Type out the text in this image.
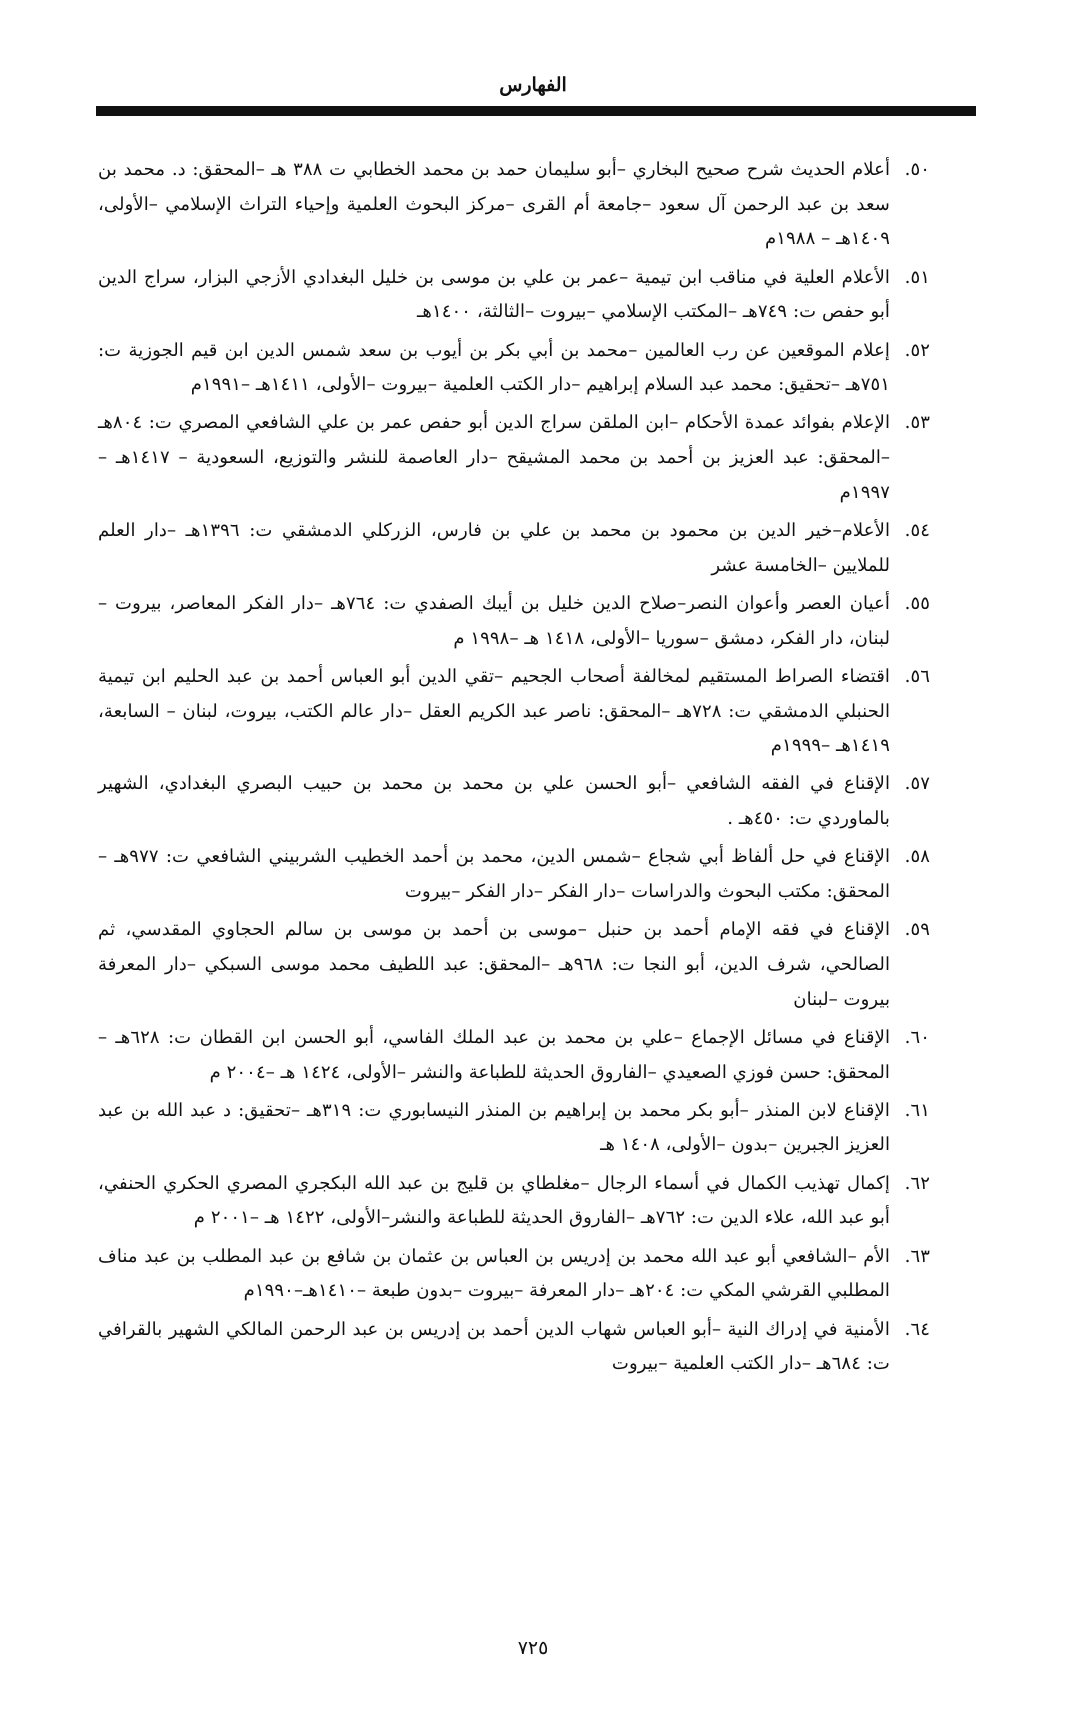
الفهارس
٥٠.
أعلام الحديث شرح صحيح البخاري –أبو سليمان حمد بن محمد الخطابي ت ٣٨٨ هـ –المحقق: د. محمد بن سعد بن عبد الرحمن آل سعود –جامعة أم القرى –مركز البحوث العلمية وإحياء التراث الإسلامي –الأولى، ١٤٠٩هـ – ١٩٨٨م
٥١.
الأعلام العلية في مناقب ابن تيمية –عمر بن علي بن موسى بن خليل البغدادي الأزجي البزار، سراج الدين أبو حفص ت: ٧٤٩هـ –المكتب الإسلامي –بيروت –الثالثة، ١٤٠٠هـ
٥٢.
إعلام الموقعين عن رب العالمين –محمد بن أبي بكر بن أيوب بن سعد شمس الدين ابن قيم الجوزية ت: ٧٥١هـ –تحقيق: محمد عبد السلام إبراهيم –دار الكتب العلمية –بيروت –الأولى، ١٤١١هـ –١٩٩١م
٥٣.
الإعلام بفوائد عمدة الأحكام –ابن الملقن سراج الدين أبو حفص عمر بن علي الشافعي المصري ت: ٨٠٤هـ –المحقق: عبد العزيز بن أحمد بن محمد المشيقح –دار العاصمة للنشر والتوزيع، السعودية – ١٤١٧هـ –١٩٩٧م
٥٤.
الأعلام–خير الدين بن محمود بن محمد بن علي بن فارس، الزركلي الدمشقي ت: ١٣٩٦هـ –دار العلم للملايين –الخامسة عشر
٥٥.
أعيان العصر وأعوان النصر–صلاح الدين خليل بن أيبك الصفدي ت: ٧٦٤هـ –دار الفكر المعاصر، بيروت –لبنان، دار الفكر، دمشق –سوريا –الأولى، ١٤١٨ هـ –١٩٩٨ م
٥٦.
اقتضاء الصراط المستقيم لمخالفة أصحاب الجحيم –تقي الدين أبو العباس أحمد بن عبد الحليم ابن تيمية الحنبلي الدمشقي ت: ٧٢٨هـ –المحقق: ناصر عبد الكريم العقل –دار عالم الكتب، بيروت، لبنان – السابعة، ١٤١٩هـ –١٩٩٩م
٥٧.
الإقناع في الفقه الشافعي –أبو الحسن علي بن محمد بن محمد بن حبيب البصري البغدادي، الشهير بالماوردي ت: ٤٥٠هـ .
٥٨.
الإقناع في حل ألفاظ أبي شجاع –شمس الدين، محمد بن أحمد الخطيب الشربيني الشافعي ت: ٩٧٧هـ – المحقق: مكتب البحوث والدراسات –دار الفكر –دار الفكر –بيروت
٥٩.
الإقناع في فقه الإمام أحمد بن حنبل –موسى بن أحمد بن موسى بن سالم الحجاوي المقدسي، ثم الصالحي، شرف الدين، أبو النجا ت: ٩٦٨هـ –المحقق: عبد اللطيف محمد موسى السبكي –دار المعرفة بيروت –لبنان
٦٠.
الإقناع في مسائل الإجماع –علي بن محمد بن عبد الملك الفاسي، أبو الحسن ابن القطان ت: ٦٢٨هـ – المحقق: حسن فوزي الصعيدي –الفاروق الحديثة للطباعة والنشر –الأولى، ١٤٢٤ هـ –٢٠٠٤ م
٦١.
الإقناع لابن المنذر –أبو بكر محمد بن إبراهيم بن المنذر النيسابوري ت: ٣١٩هـ –تحقيق: د عبد الله بن عبد العزيز الجبرين –بدون –الأولى، ١٤٠٨ هـ
٦٢.
إكمال تهذيب الكمال في أسماء الرجال –مغلطاي بن قليج بن عبد الله البكجري المصري الحكري الحنفي، أبو عبد الله، علاء الدين ت: ٧٦٢هـ –الفاروق الحديثة للطباعة والنشر–الأولى، ١٤٢٢ هـ –٢٠٠١ م
٦٣.
الأم –الشافعي أبو عبد الله محمد بن إدريس بن العباس بن عثمان بن شافع بن عبد المطلب بن عبد مناف المطلبي القرشي المكي ت: ٢٠٤هـ –دار المعرفة –بيروت –بدون طبعة –١٤١٠هـ–١٩٩٠م
٦٤.
الأمنية في إدراك النية –أبو العباس شهاب الدين أحمد بن إدريس بن عبد الرحمن المالكي الشهير بالقرافي ت: ٦٨٤هـ –دار الكتب العلمية –بيروت
٧٢٥
